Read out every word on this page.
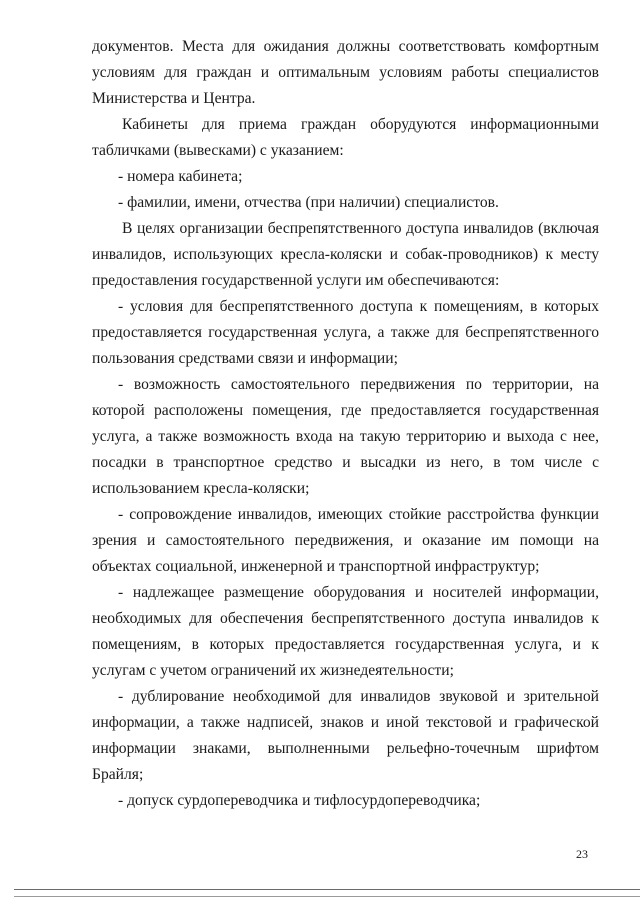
документов. Места для ожидания должны соответствовать комфортным условиям для граждан и оптимальным условиям работы специалистов Министерства и Центра.

Кабинеты для приема граждан оборудуются информационными табличками (вывесками) с указанием:

- номера кабинета;

- фамилии, имени, отчества (при наличии) специалистов.

В целях организации беспрепятственного доступа инвалидов (включая инвалидов, использующих кресла-коляски и собак-проводников) к месту предоставления государственной услуги им обеспечиваются:

- условия для беспрепятственного доступа к помещениям, в которых предоставляется государственная услуга, а также для беспрепятственного пользования средствами связи и информации;

- возможность самостоятельного передвижения по территории, на которой расположены помещения, где предоставляется государственная услуга, а также возможность входа на такую территорию и выхода с нее, посадки в транспортное средство и высадки из него, в том числе с использованием кресла-коляски;

- сопровождение инвалидов, имеющих стойкие расстройства функции зрения и самостоятельного передвижения, и оказание им помощи на объектах социальной, инженерной и транспортной инфраструктур;

- надлежащее размещение оборудования и носителей информации, необходимых для обеспечения беспрепятственного доступа инвалидов к помещениям, в которых предоставляется государственная услуга, и к услугам с учетом ограничений их жизнедеятельности;

- дублирование необходимой для инвалидов звуковой и зрительной информации, а также надписей, знаков и иной текстовой и графической информации знаками, выполненными рельефно-точечным шрифтом Брайля;

- допуск сурдопереводчика и тифлосурдопереводчика;

23
